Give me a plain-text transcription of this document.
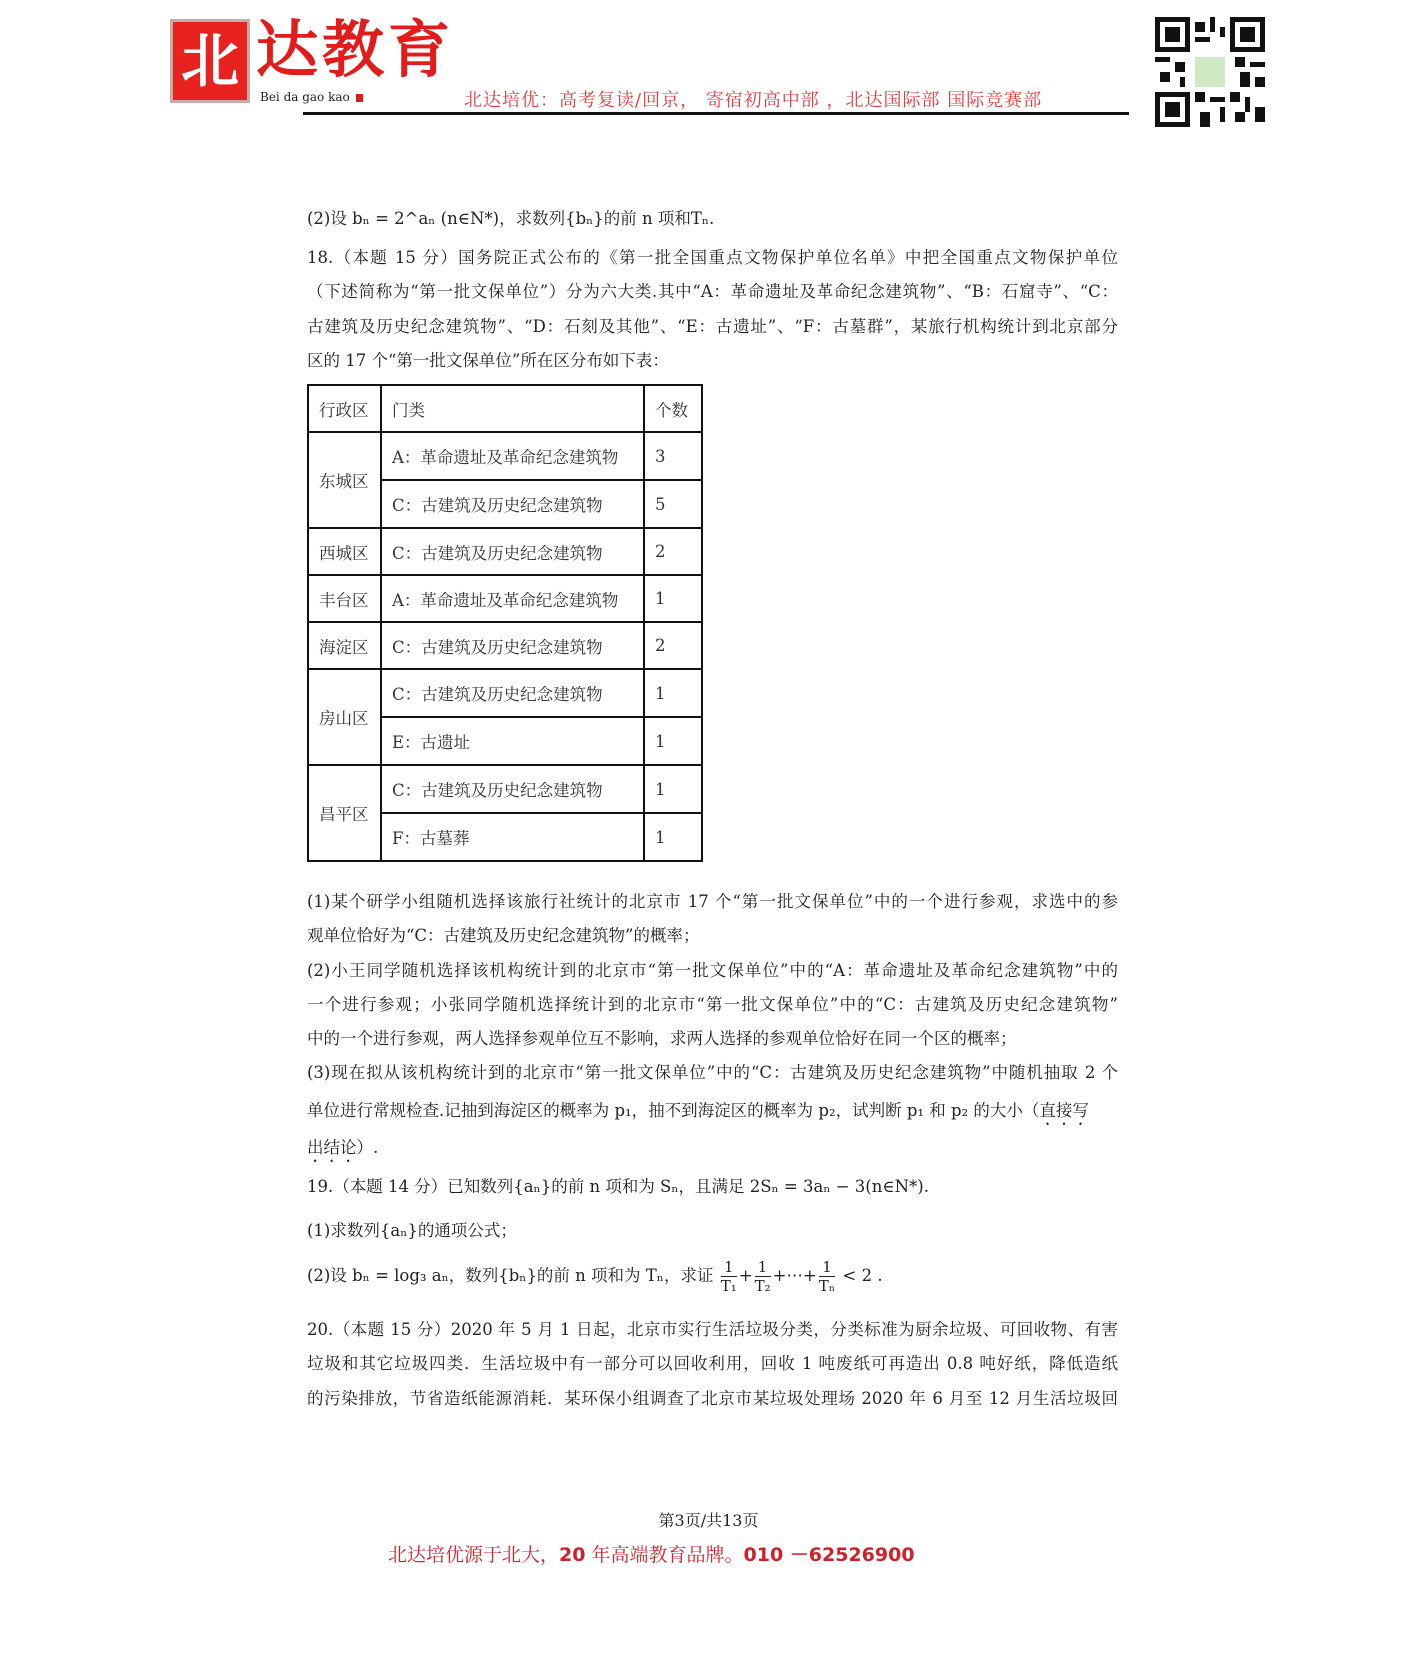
北 达教育
Bei da gao kao	北达培优：高考复读/回京， 寄宿初高中部 ，北达国际部 国际竞赛部
(2)设 bₙ = 2^aₙ (n∈N*)，求数列{bₙ}的前 n 项和Tₙ.
18.（本题 15 分）国务院正式公布的《第一批全国重点文物保护单位名单》中把全国重点文物保护单位
（下述简称为“第一批文保单位”）分为六大类.其中“A：革命遗址及革命纪念建筑物”、“B：石窟寺”、“C：
古建筑及历史纪念建筑物”、“D：石刻及其他”、“E：古遗址”、“F：古墓群”，某旅行机构统计到北京部分
区的 17 个“第一批文保单位”所在区分布如下表：
行政区	门类	个数
东城区	A：革命遗址及革命纪念建筑物	3
	C：古建筑及历史纪念建筑物	5
西城区	C：古建筑及历史纪念建筑物	2
丰台区	A：革命遗址及革命纪念建筑物	1
海淀区	C：古建筑及历史纪念建筑物	2
房山区	C：古建筑及历史纪念建筑物	1
	E：古遗址	1
昌平区	C：古建筑及历史纪念建筑物	1
	F：古墓葬	1
(1)某个研学小组随机选择该旅行社统计的北京市 17 个“第一批文保单位”中的一个进行参观，求选中的参
观单位恰好为“C：古建筑及历史纪念建筑物”的概率；
(2)小王同学随机选择该机构统计到的北京市“第一批文保单位”中的“A：革命遗址及革命纪念建筑物”中的
一个进行参观；小张同学随机选择统计到的北京市“第一批文保单位”中的“C：古建筑及历史纪念建筑物”
中的一个进行参观，两人选择参观单位互不影响，求两人选择的参观单位恰好在同一个区的概率；
(3)现在拟从该机构统计到的北京市“第一批文保单位”中的“C：古建筑及历史纪念建筑物”中随机抽取 2 个
单位进行常规检查.记抽到海淀区的概率为 p₁，抽不到海淀区的概率为 p₂，试判断 p₁ 和 p₂ 的大小（直接写
出结论）.
19.（本题 14 分）已知数列{aₙ}的前 n 项和为 Sₙ，且满足 2Sₙ = 3aₙ − 3(n∈N*).
(1)求数列{aₙ}的通项公式；
(2)设 bₙ = log₃ aₙ，数列{bₙ}的前 n 项和为 Tₙ，求证 $\frac{1}{\text{T₁}} + \frac{1}{\text{T₂}}$ +⋯+ $\frac{1}{\text{Tₙ}} < 2$ .
20.（本题 15 分）2020 年 5 月 1 日起，北京市实行生活垃圾分类，分类标准为厨余垃圾、可回收物、有害
垃圾和其它垃圾四类．生活垃圾中有一部分可以回收利用，回收 1 吨废纸可再造出 0.8 吨好纸，降低造纸
的污染排放，节省造纸能源消耗．某环保小组调查了北京市某垃圾处理场 2020 年 6 月至 12 月生活垃圾回
第3页/共13页
北达培优源于北大，20 年高端教育品牌。010 －62526900
